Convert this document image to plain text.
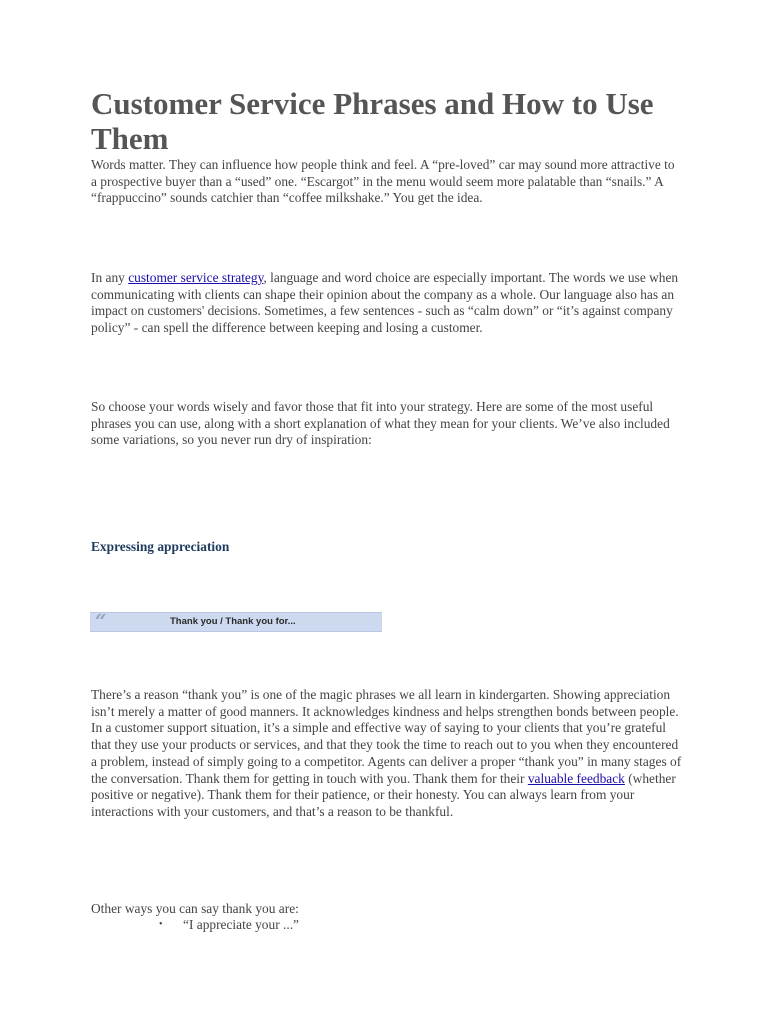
Customer Service Phrases and How to Use Them

Words matter. They can influence how people think and feel. A “pre-loved” car may sound more attractive to a prospective buyer than a “used” one. “Escargot” in the menu would seem more palatable than “snails.” A “frappuccino” sounds catchier than “coffee milkshake.” You get the idea.

In any customer service strategy, language and word choice are especially important. The words we use when communicating with clients can shape their opinion about the company as a whole. Our language also has an impact on customers' decisions. Sometimes, a few sentences - such as “calm down” or “it’s against company policy” - can spell the difference between keeping and losing a customer.

So choose your words wisely and favor those that fit into your strategy. Here are some of the most useful phrases you can use, along with a short explanation of what they mean for your clients. We’ve also included some variations, so you never run dry of inspiration:

Expressing appreciation
“	Thank you / Thank you for...

There’s a reason “thank you” is one of the magic phrases we all learn in kindergarten. Showing appreciation isn’t merely a matter of good manners. It acknowledges kindness and helps strengthen bonds between people. In a customer support situation, it’s a simple and effective way of saying to your clients that you’re grateful that they use your products or services, and that they took the time to reach out to you when they encountered a problem, instead of simply going to a competitor. Agents can deliver a proper “thank you” in many stages of the conversation. Thank them for getting in touch with you. Thank them for their valuable feedback (whether positive or negative). Thank them for their patience, or their honesty. You can always learn from your interactions with your customers, and that’s a reason to be thankful.

Other ways you can say thank you are:

• “I appreciate your ...”
